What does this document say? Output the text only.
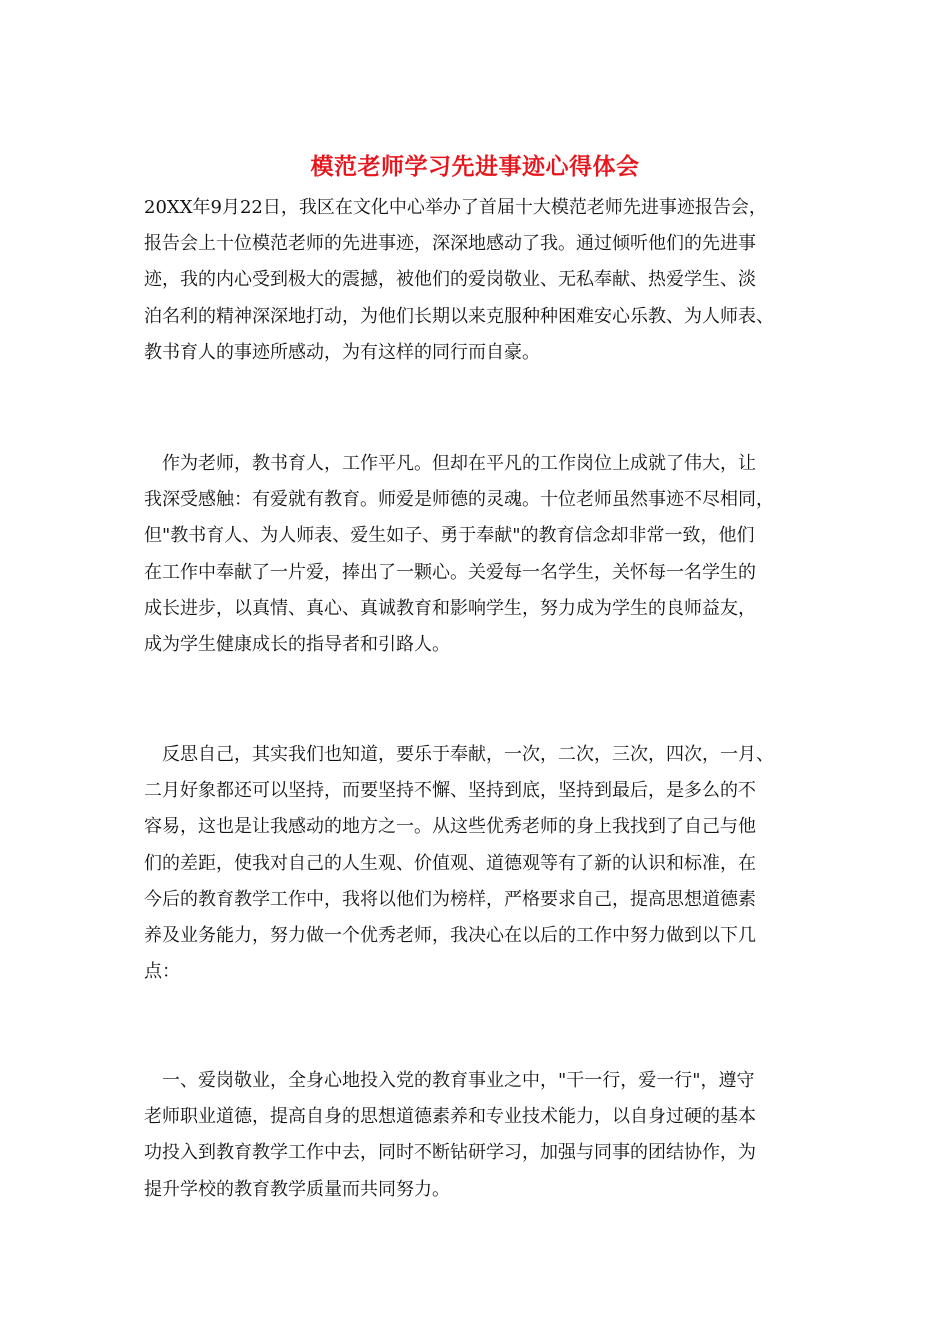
模范老师学习先进事迹心得体会
20XX年9月22日，我区在文化中心举办了首届十大模范老师先进事迹报告会，
报告会上十位模范老师的先进事迹，深深地感动了我。通过倾听他们的先进事
迹，我的内心受到极大的震撼，被他们的爱岗敬业、无私奉献、热爱学生、淡
泊名利的精神深深地打动，为他们长期以来克服种种困难安心乐教、为人师表、
教书育人的事迹所感动，为有这样的同行而自豪。
　作为老师，教书育人，工作平凡。但却在平凡的工作岗位上成就了伟大，让
我深受感触：有爱就有教育。师爱是师德的灵魂。十位老师虽然事迹不尽相同，
但"教书育人、为人师表、爱生如子、勇于奉献"的教育信念却非常一致，他们
在工作中奉献了一片爱，捧出了一颗心。关爱每一名学生，关怀每一名学生的
成长进步，以真情、真心、真诚教育和影响学生，努力成为学生的良师益友，
成为学生健康成长的指导者和引路人。
　反思自己，其实我们也知道，要乐于奉献，一次，二次，三次，四次，一月、
二月好象都还可以坚持，而要坚持不懈、坚持到底，坚持到最后，是多么的不
容易，这也是让我感动的地方之一。从这些优秀老师的身上我找到了自己与他
们的差距，使我对自己的人生观、价值观、道德观等有了新的认识和标准，在
今后的教育教学工作中，我将以他们为榜样，严格要求自己，提高思想道德素
养及业务能力，努力做一个优秀老师，我决心在以后的工作中努力做到以下几
点：
　一、爱岗敬业，全身心地投入党的教育事业之中，"干一行，爱一行"，遵守
老师职业道德，提高自身的思想道德素养和专业技术能力，以自身过硬的基本
功投入到教育教学工作中去，同时不断钻研学习，加强与同事的团结协作，为
提升学校的教育教学质量而共同努力。
